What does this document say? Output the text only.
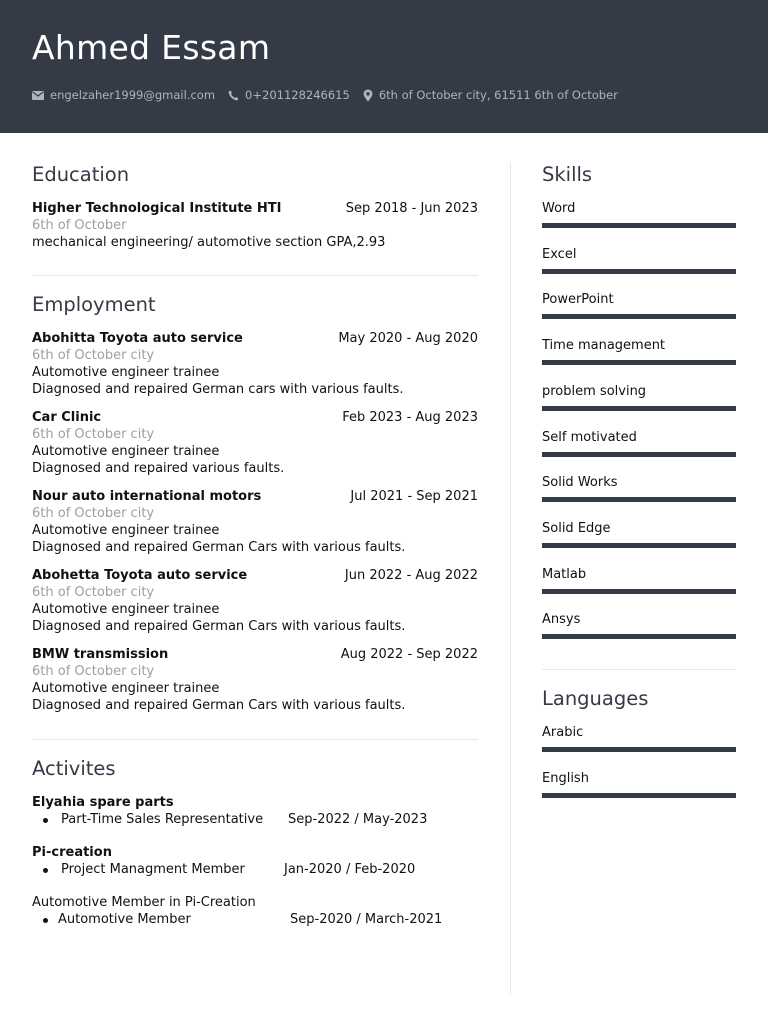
Ahmed Essam
engelzaher1999@gmail.com	0+201128246615	6th of October city, 61511 6th of October
Education
Higher Technological Institute HTI	Sep 2018 - Jun 2023
6th of October
mechanical engineering/ automotive section GPA,2.93
Employment
Abohitta Toyota auto service	May 2020 - Aug 2020
6th of October city
Automotive engineer trainee
Diagnosed and repaired German cars with various faults.
Car Clinic	Feb 2023 - Aug 2023
6th of October city
Automotive engineer trainee
Diagnosed and repaired various faults.
Nour auto international motors	Jul 2021 - Sep 2021
6th of October city
Automotive engineer trainee
Diagnosed and repaired German Cars with various faults.
Abohetta Toyota auto service	Jun 2022 - Aug 2022
6th of October city
Automotive engineer trainee
Diagnosed and repaired German Cars with various faults.
BMW transmission	Aug 2022 - Sep 2022
6th of October city
Automotive engineer trainee
Diagnosed and repaired German Cars with various faults.
Activites
Elyahia spare parts
Part-Time Sales Representative Sep-2022 / May-2023
Pi-creation
Project Managment Member	Jan-2020 / Feb-2020
Automotive Member in Pi-Creation
Automotive Member	Sep-2020 / March-2021
Skills
Word
Excel
PowerPoint
Time management
problem solving
Self motivated
Solid Works
Solid Edge
Matlab
Ansys
Languages
Arabic
English
